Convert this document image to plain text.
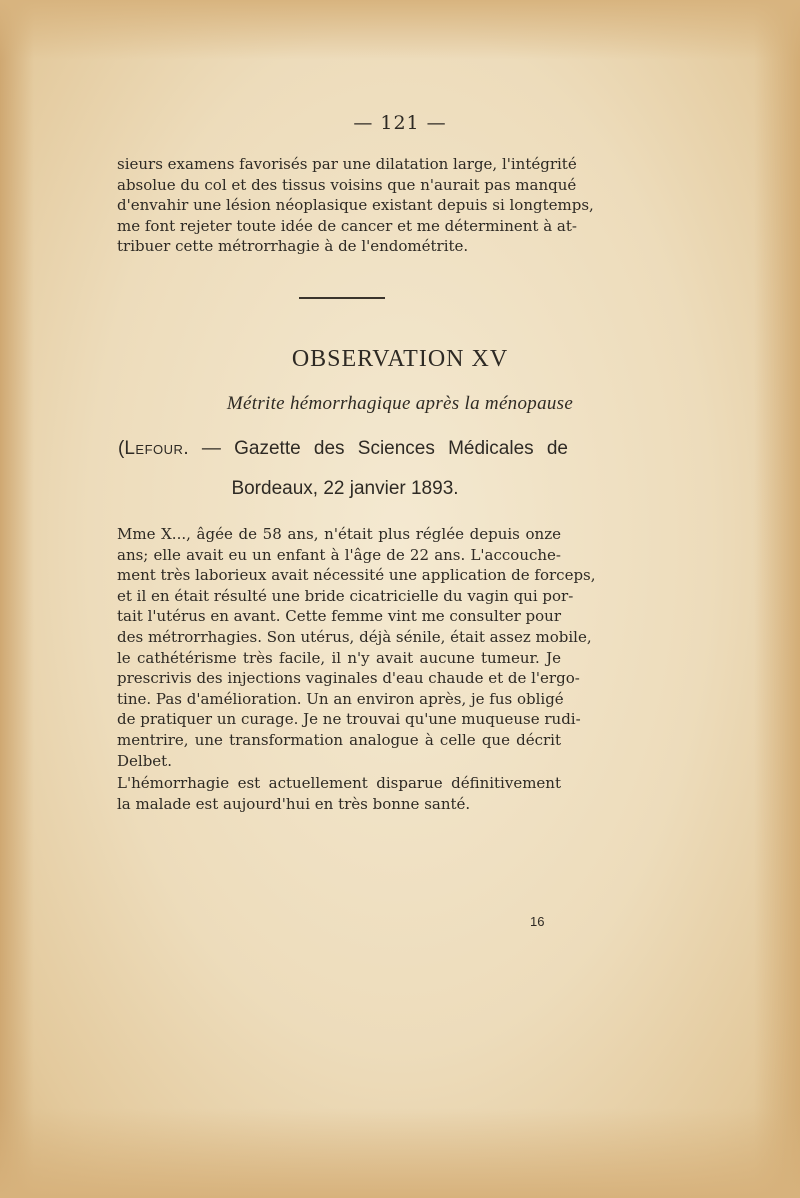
— 121 —
sieurs examens favorisés par une dilatation large, l'intégrité
absolue du col et des tissus voisins que n'aurait pas manqué
d'envahir une lésion néoplasique existant depuis si longtemps,
me font rejeter toute idée de cancer et me déterminent à at-
tribuer cette métrorrhagie à de l'endométrite.
OBSERVATION XV
Métrite hémorrhagique après la ménopause
(Lefour. — Gazette des Sciences Médicales de
Bordeaux, 22 janvier 1893.
Mme X..., âgée de 58 ans, n'était plus réglée depuis onze
ans; elle avait eu un enfant à l'âge de 22 ans. L'accouche-
ment très laborieux avait nécessité une application de forceps,
et il en était résulté une bride cicatricielle du vagin qui por-
tait l'utérus en avant. Cette femme vint me consulter pour
des métrorrhagies. Son utérus, déjà sénile, était assez mobile,
le cathétérisme très facile, il n'y avait aucune tumeur. Je
prescrivis des injections vaginales d'eau chaude et de l'ergo-
tine. Pas d'amélioration. Un an environ après, je fus obligé
de pratiquer un curage. Je ne trouvai qu'une muqueuse rudi-
mentrire, une transformation analogue à celle que décrit
Delbet.
L'hémorrhagie est actuellement disparue définitivement
la malade est aujourd'hui en très bonne santé.
16
